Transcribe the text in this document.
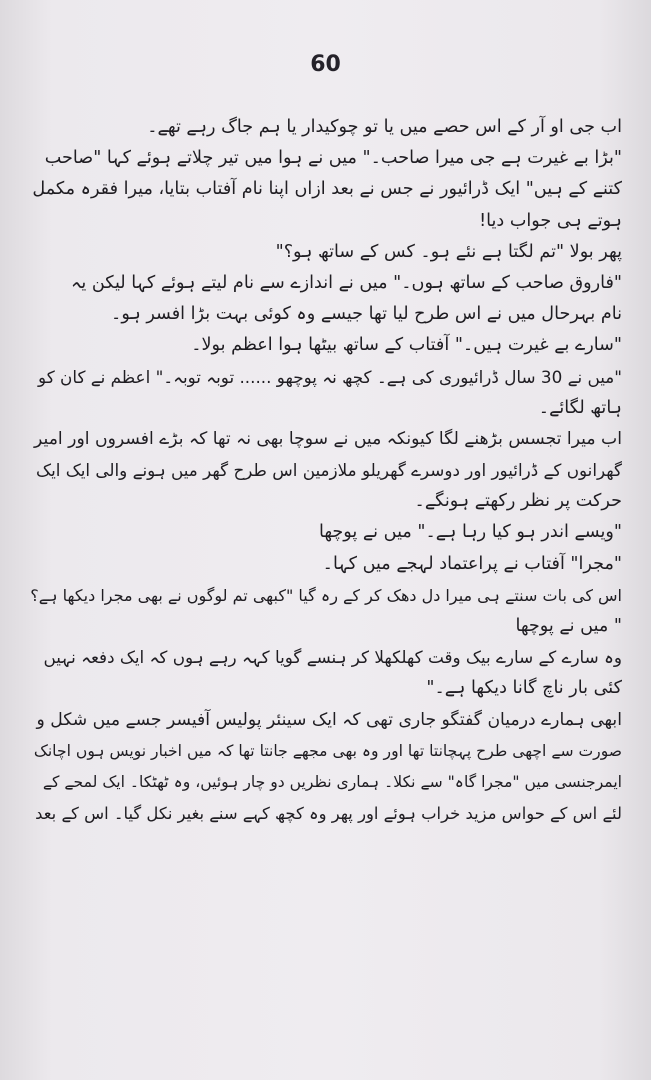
60
اب جی او آر کے اس حصے میں یا تو چوکیدار یا ہم جاگ رہے تھے۔
"بڑا بے غیرت ہے جی میرا صاحب۔" میں نے ہوا میں تیر چلاتے ہوئے کہا "صاحب
کتنے کے ہیں" ایک ڈرائیور نے جس نے بعد ازاں اپنا نام آفتاب بتایا، میرا فقرہ مکمل
ہوتے ہی جواب دیا!
پھر بولا "تم لگتا ہے نئے ہو۔ کس کے ساتھ ہو؟"
"فاروق صاحب کے ساتھ ہوں۔" میں نے اندازے سے نام لیتے ہوئے کہا لیکن یہ
نام بہرحال میں نے اس طرح لیا تھا جیسے وہ کوئی بہت بڑا افسر ہو۔
"سارے بے غیرت ہیں۔" آفتاب کے ساتھ بیٹھا ہوا اعظم بولا۔
"میں نے 30 سال ڈرائیوری کی ہے۔ کچھ نہ پوچھو ...... توبہ توبہ۔" اعظم نے کان کو
ہاتھ لگائے۔
اب میرا تجسس بڑھنے لگا کیونکہ میں نے سوچا بھی نہ تھا کہ بڑے افسروں اور امیر
گھرانوں کے ڈرائیور اور دوسرے گھریلو ملازمین اس طرح گھر میں ہونے والی ایک ایک
حرکت پر نظر رکھتے ہونگے۔
"ویسے اندر ہو کیا رہا ہے۔" میں نے پوچھا
"مجرا" آفتاب نے پراعتماد لہجے میں کہا۔
اس کی بات سنتے ہی میرا دل دھک کر کے رہ گیا "کبھی تم لوگوں نے بھی مجرا دیکھا ہے؟
" میں نے پوچھا
وہ سارے کے سارے بیک وقت کھلکھلا کر ہنسے گویا کہہ رہے ہوں کہ ایک دفعہ نہیں
کئی بار ناچ گانا دیکھا ہے۔"
ابھی ہمارے درمیان گفتگو جاری تھی کہ ایک سینئر پولیس آفیسر جسے میں شکل و
صورت سے اچھی طرح پہچانتا تھا اور وہ بھی مجھے جانتا تھا کہ میں اخبار نویس ہوں اچانک
ایمرجنسی میں "مجرا گاہ" سے نکلا۔ ہماری نظریں دو چار ہوئیں، وہ ٹھٹکا۔ ایک لمحے کے
لئے اس کے حواس مزید خراب ہوئے اور پھر وہ کچھ کہے سنے بغیر نکل گیا۔ اس کے بعد
